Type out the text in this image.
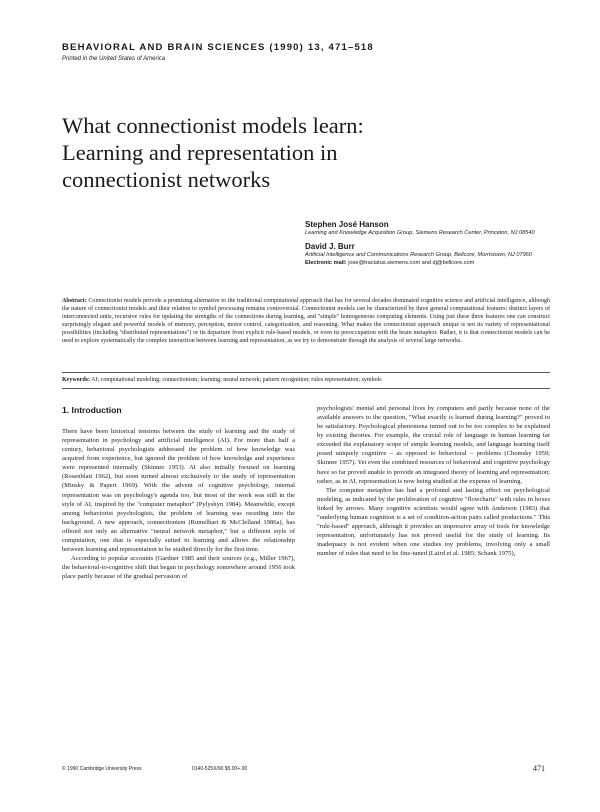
BEHAVIORAL AND BRAIN SCIENCES (1990) 13, 471–518
Printed in the United States of America
What connectionist models learn:
Learning and representation in
connectionist networks
Stephen José Hanson
Learning and Knowledge Acquisition Group, Siemens Research Center, Princeton, NJ 08540
David J. Burr
Artificial Intelligence and Communications Research Group, Bellcore, Morristown, NJ 07960
Electronic mail: jose@tractatus.siemens.com and dj@bellcore.com
Abstract: Connectionist models provide a promising alternative to the traditional computational approach that has for several decades dominated cognitive science and artificial intelligence, although the nature of connectionist models and their relation to symbol processing remains controversial. Connectionist models can be characterized by three general computational features: distinct layers of interconnected units, recursive rules for updating the strengths of the connections during learning, and "simple" homogeneous computing elements. Using just these three features one can construct surprisingly elegant and powerful models of memory, perception, motor control, categorization, and reasoning. What makes the connectionist approach unique is not its variety of representational possibilities (including "distributed representations") or its departure from explicit rule-based models, or even its preoccupation with the brain metaphor. Rather, it is that connectionist models can be used to explore systematically the complex interaction between learning and representation, as we try to demonstrate through the analysis of several large networks.
Keywords: AI; computational modeling; connectionism; learning; neural network; pattern recognition; rules representation; symbols
1. Introduction

There have been historical tensions between the study of learning and the study of representation in psychology and artificial intelligence (AI). For more than half a century, behavioral psychologists addressed the problem of how knowledge was acquired from experience, but ignored the problem of how knowledge and experience were represented internally (Skinner 1953). AI also initially focused on learning (Rosenblatt 1962), but soon turned almost exclusively to the study of representation (Minsky & Papert 1969). With the advent of cognitive psychology, internal representation was on psychology's agenda too, but most of the work was still in the style of AI, inspired by the "computer metaphor" (Pylyshyn 1984). Meanwhile, except among behaviorist psychologists, the problem of learning was receding into the background. A new approach, connectionism (Rumelhart & McClelland 1986a), has offered not only an alternative "neural network metaphor," but a different style of computation, one that is especially suited to learning and allows the relationship between learning and representation to be studied directly for the first time.

According to popular accounts (Gardner 1985 and their sources (e.g., Miller 1967), the behavioral-to-cognitive shift that began in psychology somewhere around 1956 took place partly because of the gradual pervasion of

psychologists' mental and personal lives by computers and partly because none of the available answers to the question, "What exactly is learned during learning?" proved to be satisfactory. Psychological phenomena turned out to be too complex to be explained by existing theories. For example, the crucial role of language in human learning far exceeded the explanatory scope of simple learning models, and language learning itself posed uniquely cognitive – as opposed to behavioral – problems (Chomsky 1959; Skinner 1957). Yet even the combined resources of behavioral and cognitive psychology have so far proved unable to provide an integrated theory of learning and representation; rather, as in AI, representation is now being studied at the expense of learning.

The computer metaphor has had a profound and lasting effect on psychological modeling, as indicated by the proliferation of cognitive "flowcharts" with rules in boxes linked by arrows. Many cognitive scientists would agree with Anderson (1983) that "underlying human cognition is a set of condition-action pairs called productions." This "rule-based" approach, although it provides an impressive array of tools for knowledge representation, unfortunately has not proved useful for the study of learning. Its inadequacy is not evident when one studies toy problems, involving only a small number of rules that need to be fine-tuned (Laird et al. 1985; Schank 1975),

© 1990 Cambridge University Press	0140-525X/90 $5.00+.00	471
